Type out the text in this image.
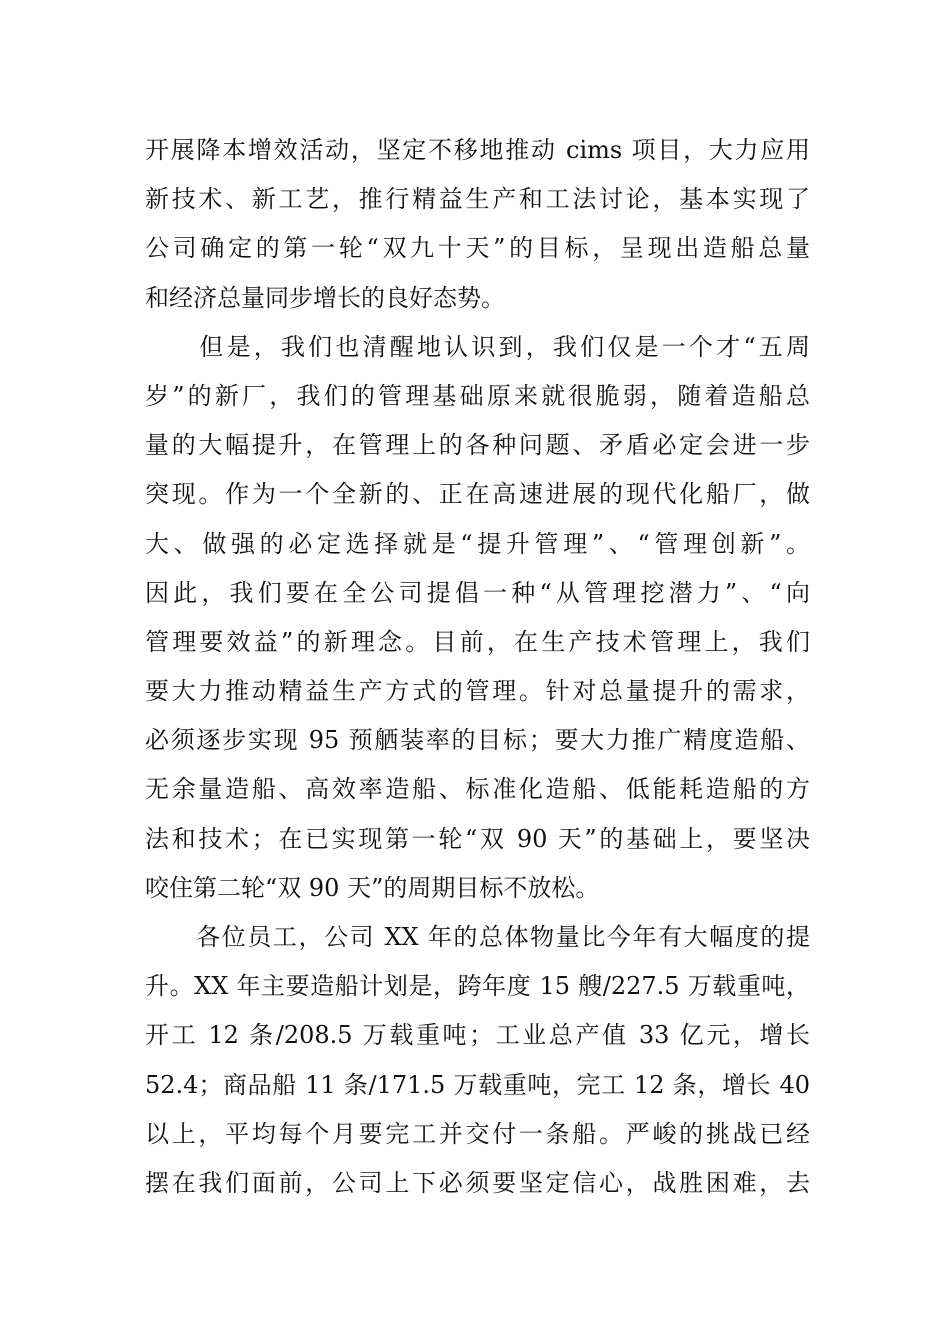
开展降本增效活动，坚定不移地推动 cims 项目，大力应用
新技术、新工艺，推行精益生产和工法讨论，基本实现了
公司确定的第一轮“双九十天”的目标，呈现出造船总量
和经济总量同步增长的良好态势。
　　但是，我们也清醒地认识到，我们仅是一个才“五周
岁”的新厂，我们的管理基础原来就很脆弱，随着造船总
量的大幅提升，在管理上的各种问题、矛盾必定会进一步
突现。作为一个全新的、正在高速进展的现代化船厂，做
大、做强的必定选择就是“提升管理”、“管理创新”。
因此，我们要在全公司提倡一种“从管理挖潜力”、“向
管理要效益”的新理念。目前，在生产技术管理上，我们
要大力推动精益生产方式的管理。针对总量提升的需求，
必须逐步实现 95 预舾装率的目标；要大力推广精度造船、
无余量造船、高效率造船、标准化造船、低能耗造船的方
法和技术；在已实现第一轮“双 90 天”的基础上，要坚决
咬住第二轮“双 90 天”的周期目标不放松。
　　各位员工，公司 XX 年的总体物量比今年有大幅度的提
升。XX 年主要造船计划是，跨年度 15 艘/227.5 万载重吨，
开工 12 条/208.5 万载重吨；工业总产值 33 亿元，增长
52.4；商品船 11 条/171.5 万载重吨，完工 12 条，增长 40
以上，平均每个月要完工并交付一条船。严峻的挑战已经
摆在我们面前，公司上下必须要坚定信心，战胜困难，去
